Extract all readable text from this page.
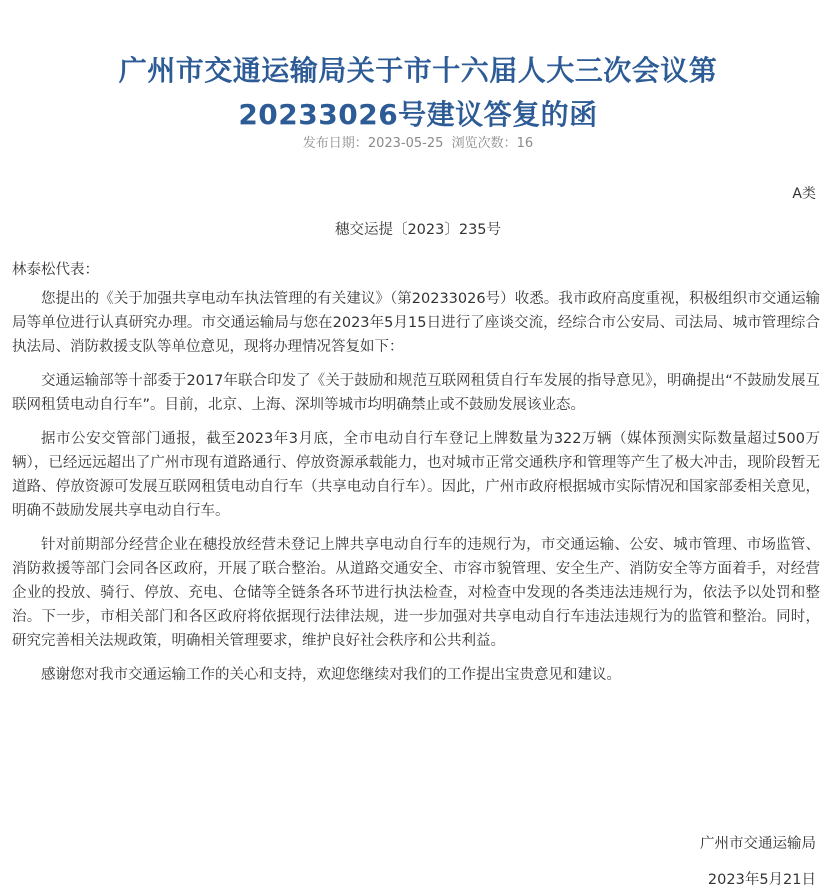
广州市交通运输局关于市十六届人大三次会议第
20233026号建议答复的函
发布日期：2023-05-25 浏览次数：16
A类
穗交运提〔2023〕235号

林泰松代表：

您提出的《关于加强共享电动车执法管理的有关建议》（第20233026号）收悉。我市政府高度重视，积极组织市交通运输局等单位进行认真研究办理。市交通运输局与您在2023年5月15日进行了座谈交流，经综合市公安局、司法局、城市管理综合执法局、消防救援支队等单位意见，现将办理情况答复如下：

交通运输部等十部委于2017年联合印发了《关于鼓励和规范互联网租赁自行车发展的指导意见》，明确提出“不鼓励发展互联网租赁电动自行车”。目前，北京、上海、深圳等城市均明确禁止或不鼓励发展该业态。

据市公安交管部门通报，截至2023年3月底，全市电动自行车登记上牌数量为322万辆（媒体预测实际数量超过500万辆），已经远远超出了广州市现有道路通行、停放资源承载能力，也对城市正常交通秩序和管理等产生了极大冲击，现阶段暂无道路、停放资源可发展互联网租赁电动自行车（共享电动自行车）。因此，广州市政府根据城市实际情况和国家部委相关意见，明确不鼓励发展共享电动自行车。

针对前期部分经营企业在穗投放经营未登记上牌共享电动自行车的违规行为，市交通运输、公安、城市管理、市场监管、消防救援等部门会同各区政府，开展了联合整治。从道路交通安全、市容市貌管理、安全生产、消防安全等方面着手，对经营企业的投放、骑行、停放、充电、仓储等全链条各环节进行执法检查，对检查中发现的各类违法违规行为，依法予以处罚和整治。下一步，市相关部门和各区政府将依据现行法律法规，进一步加强对共享电动自行车违法违规行为的监管和整治。同时，研究完善相关法规政策，明确相关管理要求，维护良好社会秩序和公共利益。

感谢您对我市交通运输工作的关心和支持，欢迎您继续对我们的工作提出宝贵意见和建议。

广州市交通运输局
2023年5月21日
